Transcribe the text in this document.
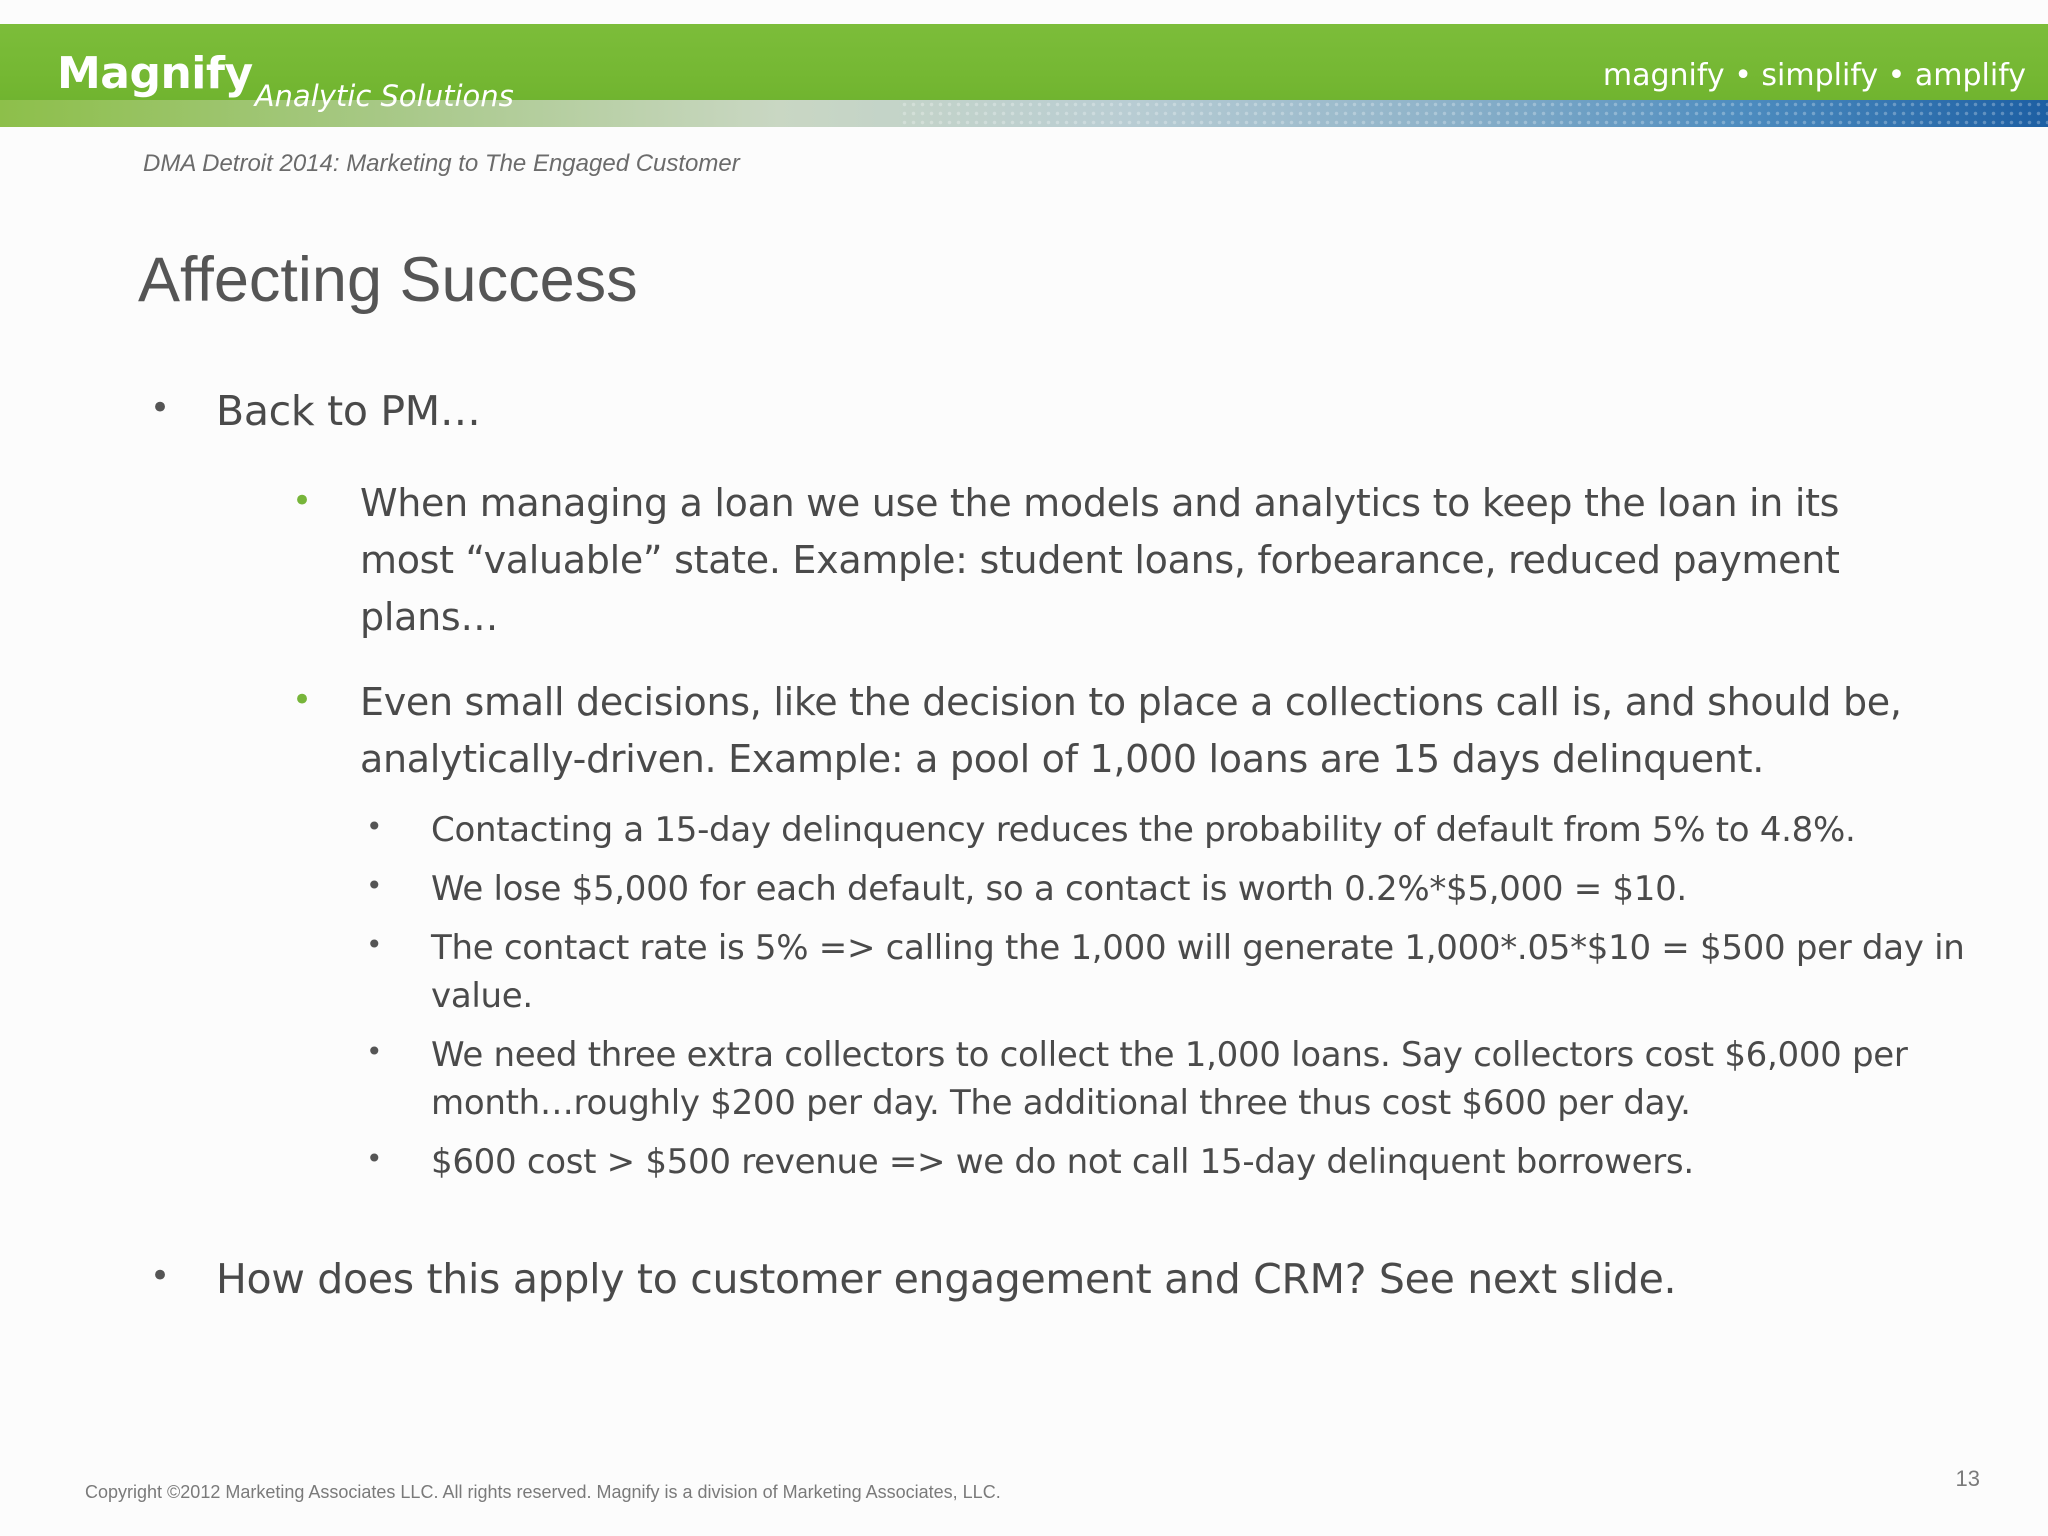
MagnifyAnalytic Solutions
magnify • simplify • amplify
DMA Detroit 2014: Marketing to The Engaged Customer
Affecting Success
• Back to PM…
• When managing a loan we use the models and analytics to keep the loan in its most “valuable” state. Example: student loans, forbearance, reduced payment plans…
• Even small decisions, like the decision to place a collections call is, and should be, analytically-driven. Example: a pool of 1,000 loans are 15 days delinquent.
• Contacting a 15-day delinquency reduces the probability of default from 5% to 4.8%.
• We lose $5,000 for each default, so a contact is worth 0.2%*$5,000 = $10.
• The contact rate is 5% => calling the 1,000 will generate 1,000*.05*$10 = $500 per day in value.
• We need three extra collectors to collect the 1,000 loans. Say collectors cost $6,000 per month…roughly $200 per day. The additional three thus cost $600 per day.
• $600 cost > $500 revenue => we do not call 15-day delinquent borrowers.
• How does this apply to customer engagement and CRM? See next slide.
Copyright ©2012 Marketing Associates LLC. All rights reserved. Magnify is a division of Marketing Associates, LLC.
13
